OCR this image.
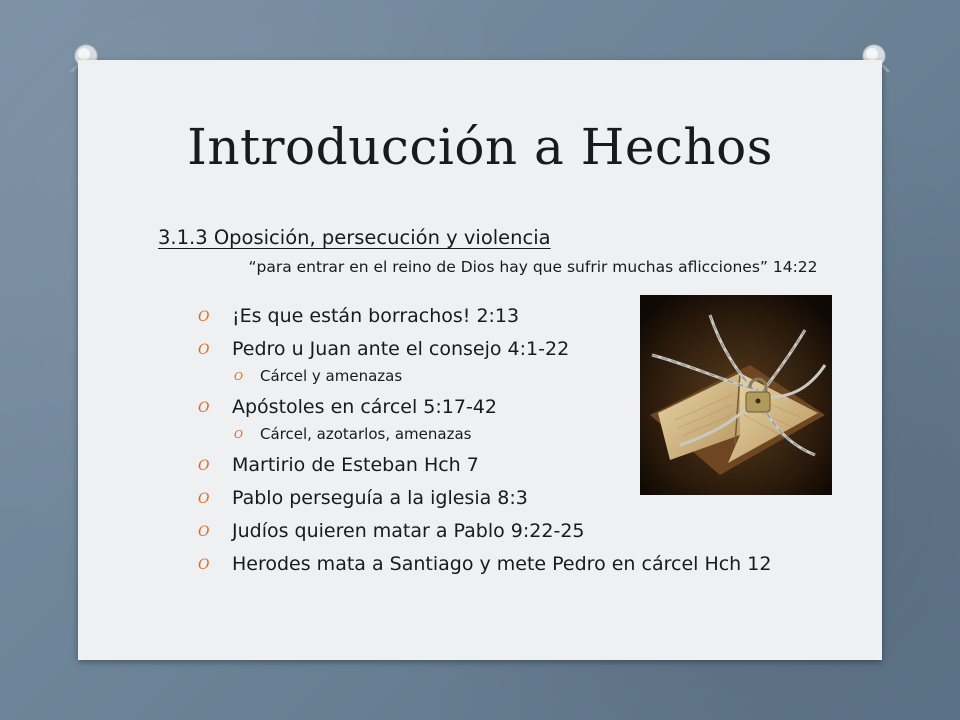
Introducción a Hechos
3.1.3 Oposición, persecución y violencia
“para entrar en el reino de Dios hay que sufrir muchas aflicciones” 14:22
O	¡Es que están borrachos! 2:13
O	Pedro u Juan ante el consejo 4:1-22
O	Cárcel y amenazas
O	Apóstoles en cárcel 5:17-42
O	Cárcel, azotarlos, amenazas
O	Martirio de Esteban Hch 7
O	Pablo perseguía a la iglesia 8:3
O	Judíos quieren matar a Pablo 9:22-25
O	Herodes mata a Santiago y mete Pedro en cárcel Hch 12
